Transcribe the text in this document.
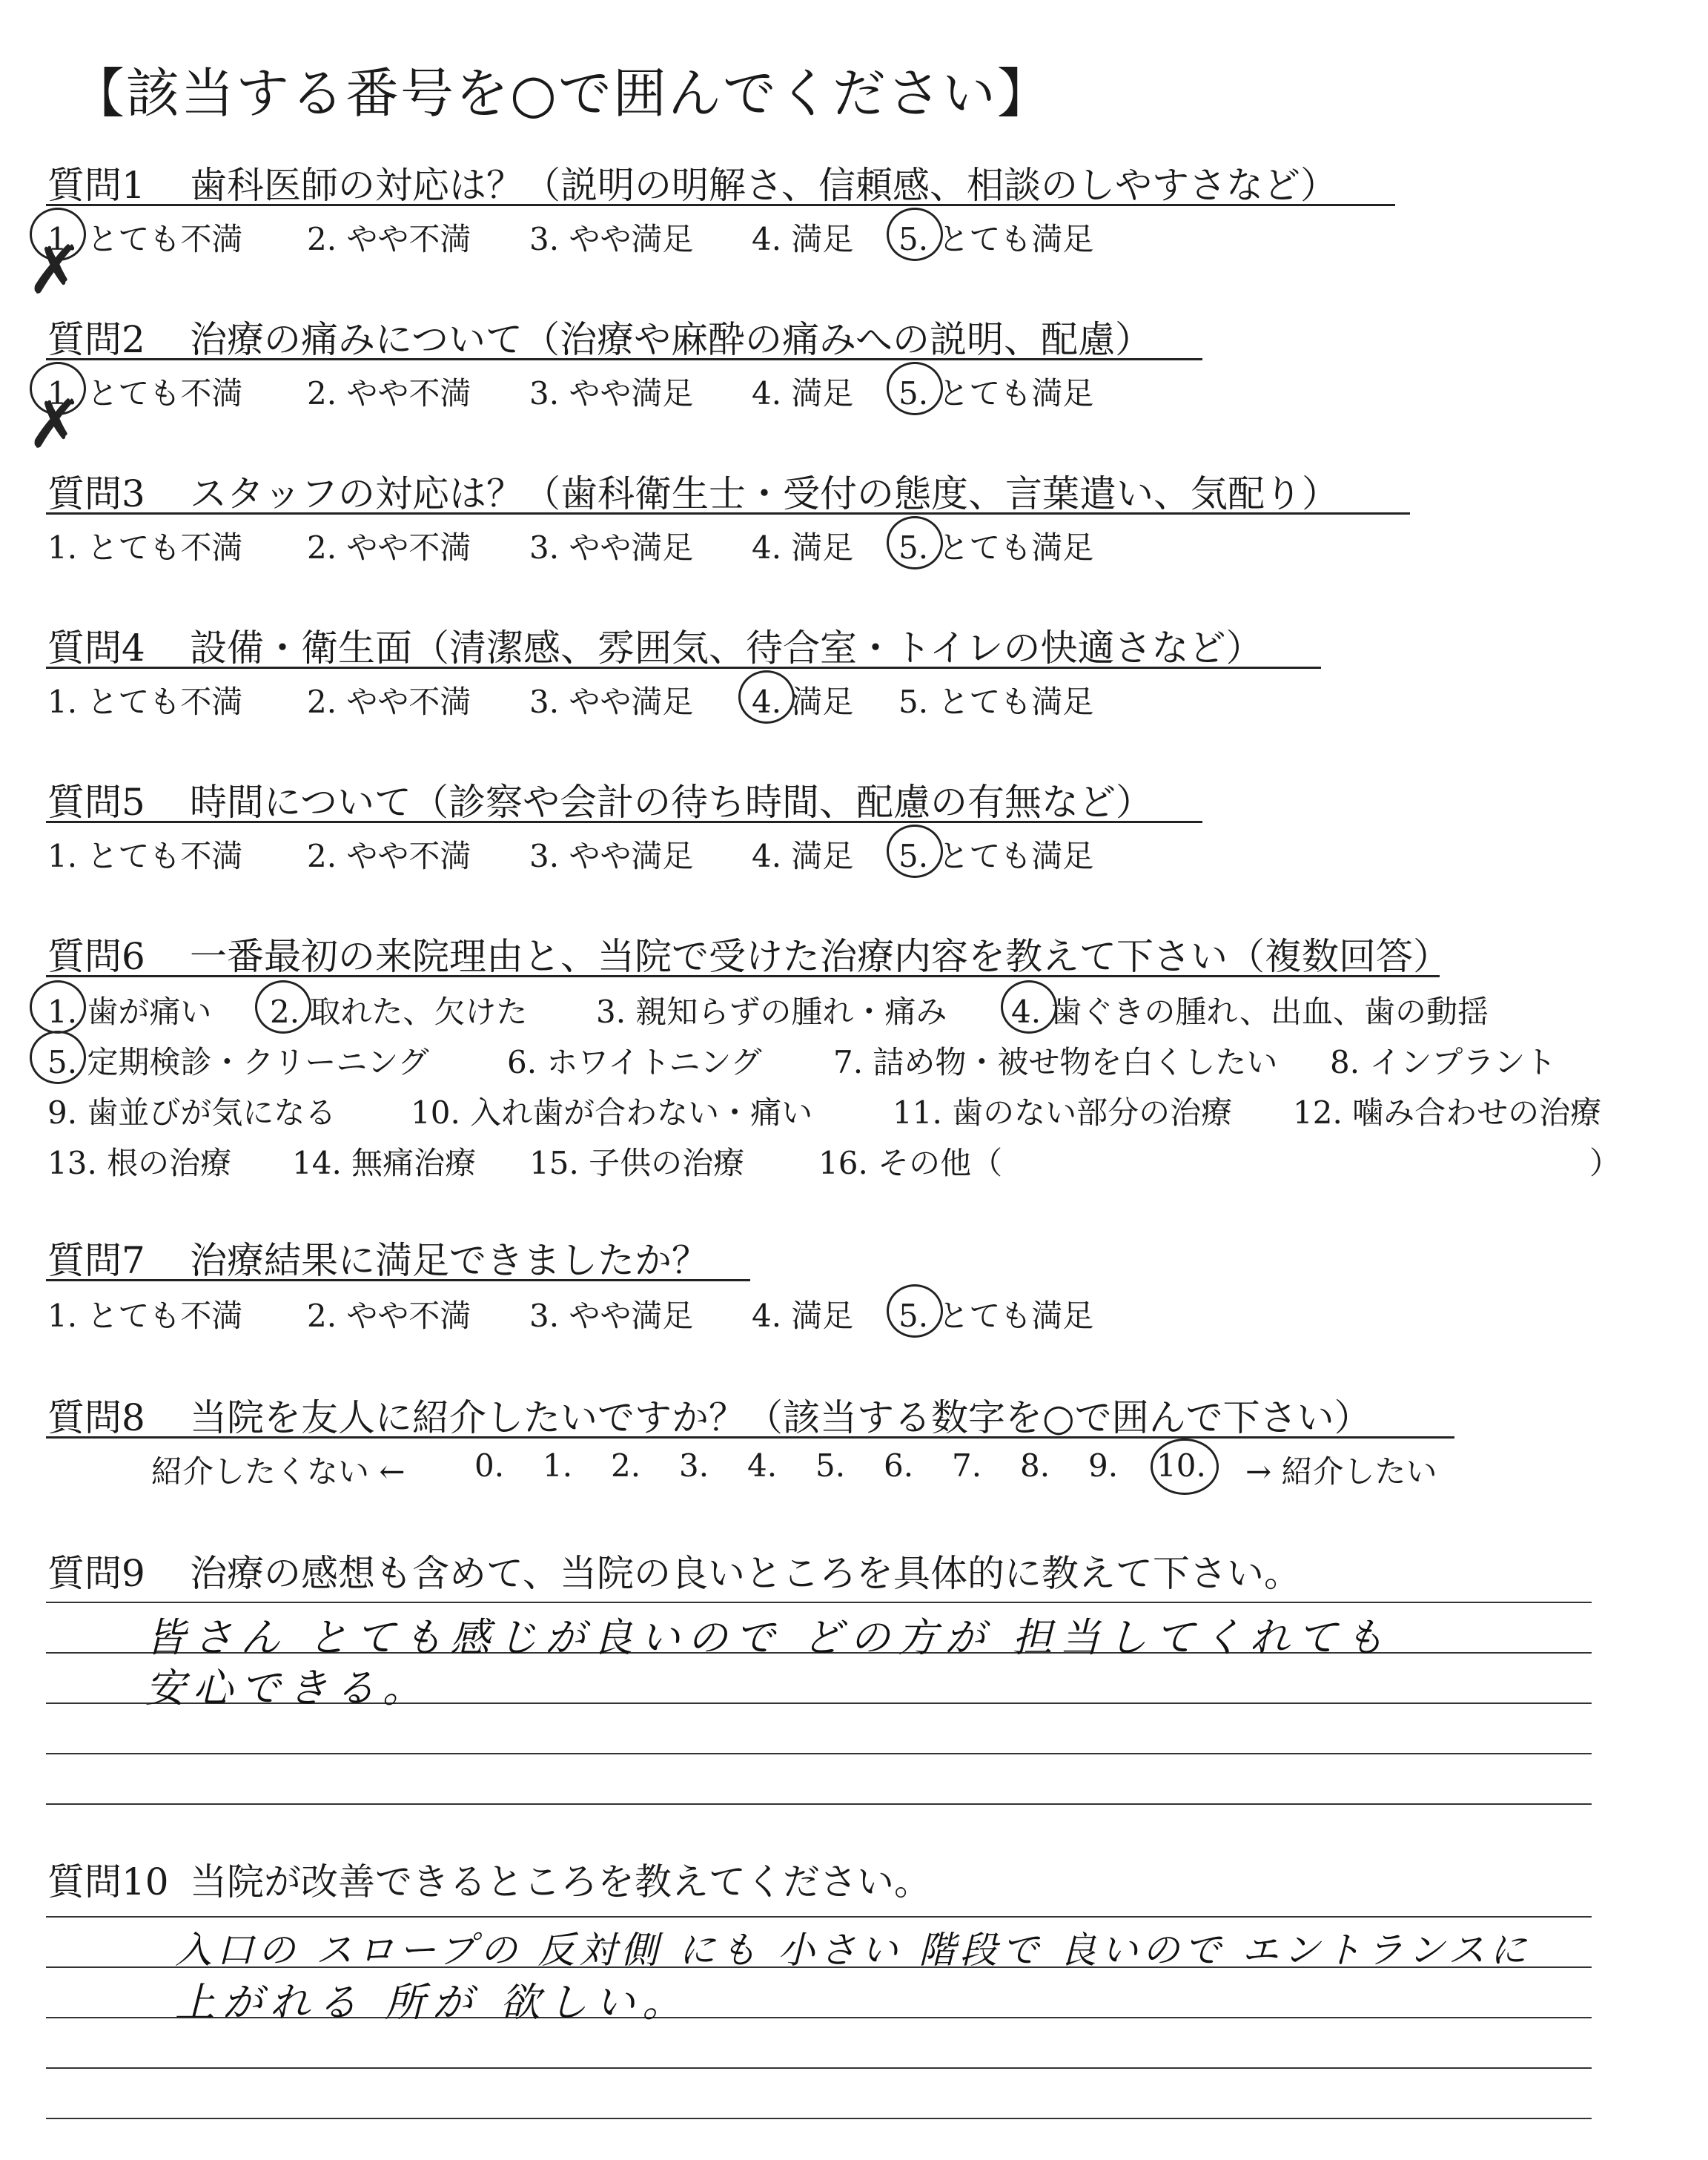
【該当する番号を○で囲んでください】
質問1 歯科医師の対応は？（説明の明解さ、信頼感、相談のしやすさなど）
1. とても不満 2. やや不満 3. やや満足 4. 満足 5. とても満足
✗
質問2 治療の痛みについて（治療や麻酔の痛みへの説明、配慮）
1. とても不満 2. やや不満 3. やや満足 4. 満足 5. とても満足
✗
質問3 スタッフの対応は？（歯科衛生士・受付の態度、言葉遣い、気配り）
1. とても不満 2. やや不満 3. やや満足 4. 満足 5. とても満足
質問4 設備・衛生面（清潔感、雰囲気、待合室・トイレの快適さなど）
1. とても不満 2. やや不満 3. やや満足 4. 満足 5. とても満足
質問5 時間について（診察や会計の待ち時間、配慮の有無など）
1. とても不満 2. やや不満 3. やや満足 4. 満足 5. とても満足
質問6 一番最初の来院理由と、当院で受けた治療内容を教えて下さい（複数回答）
1. 歯が痛い 2. 取れた、欠けた 3. 親知らずの腫れ・痛み 4. 歯ぐきの腫れ、出血、歯の動揺
5. 定期検診・クリーニング	6. ホワイトニング 7. 詰め物・被せ物を白くしたい 8. インプラント
9. 歯並びが気になる 10. 入れ歯が合わない・痛い	11. 歯のない部分の治療 12. 噛み合わせの治療
13. 根の治療 14. 無痛治療 15. 子供の治療 16. その他（	）
質問7 治療結果に満足できましたか？
1. とても不満 2. やや不満 3. やや満足 4. 満足 5. とても満足
質問8 当院を友人に紹介したいですか？（該当する数字を○で囲んで下さい）
紹介したくない ← 0. 1. 2. 3. 4. 5. 6. 7. 8. 9. 10. → 紹介したい
質問9 治療の感想も含めて、当院の良いところを具体的に教えて下さい。
皆さん とても感じが良いので どの方が 担当してくれても
安心できる。
質問10 当院が改善できるところを教えてください。
入口の スロープの 反対側 にも 小さい 階段で 良いので エントランスに
上がれる 所が 欲しい。
